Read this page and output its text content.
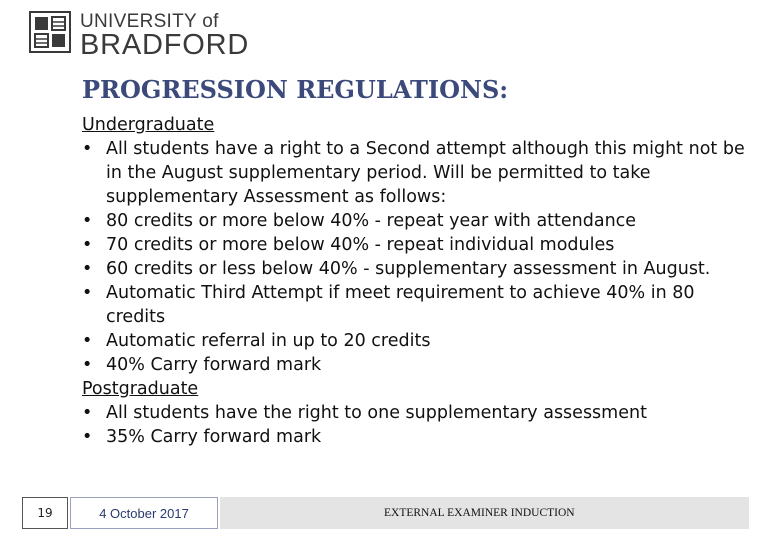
UNIVERSITY of
BRADFORD
PROGRESSION REGULATIONS:
Undergraduate
• All students have a right to a Second attempt although this might not be in the August supplementary period. Will be permitted to take supplementary Assessment as follows:
• 80 credits or more below 40% - repeat year with attendance
• 70 credits or more below 40% - repeat individual modules
• 60 credits or less below 40% - supplementary assessment in August.
• Automatic Third Attempt if meet requirement to achieve 40% in 80 credits
• Automatic referral in up to 20 credits
• 40% Carry forward mark
Postgraduate
• All students have the right to one supplementary assessment
• 35% Carry forward mark
19	4 October 2017	EXTERNAL EXAMINER INDUCTION
